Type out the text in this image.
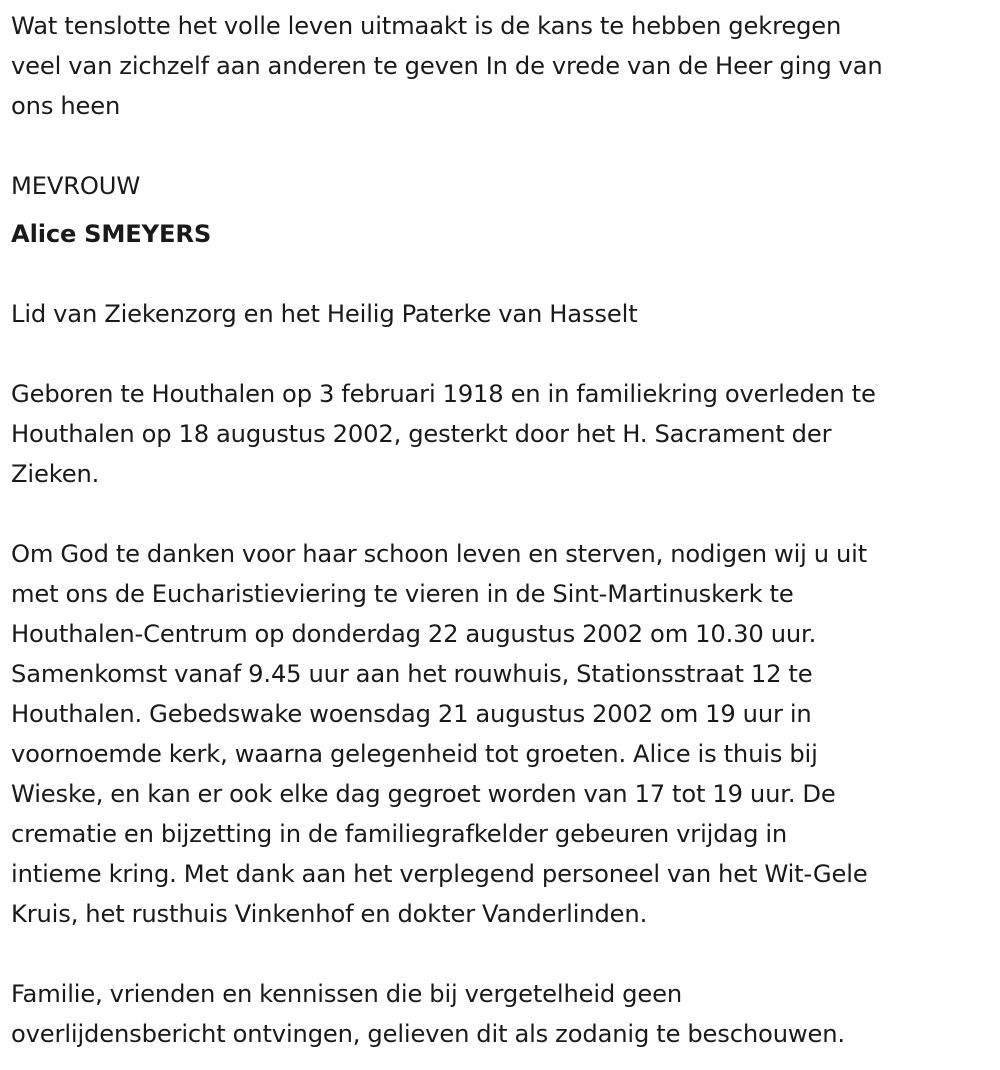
Wat tenslotte het volle leven uitmaakt is de kans te hebben gekregen

veel van zichzelf aan anderen te geven In de vrede van de Heer ging van

ons heen

MEVROUW

Alice SMEYERS

Lid van Ziekenzorg en het Heilig Paterke van Hasselt

Geboren te Houthalen op 3 februari 1918 en in familiekring overleden te

Houthalen op 18 augustus 2002, gesterkt door het H. Sacrament der

Zieken.

Om God te danken voor haar schoon leven en sterven, nodigen wij u uit

met ons de Eucharistieviering te vieren in de Sint-Martinuskerk te

Houthalen-Centrum op donderdag 22 augustus 2002 om 10.30 uur.

Samenkomst vanaf 9.45 uur aan het rouwhuis, Stationsstraat 12 te

Houthalen. Gebedswake woensdag 21 augustus 2002 om 19 uur in

voornoemde kerk, waarna gelegenheid tot groeten. Alice is thuis bij

Wieske, en kan er ook elke dag gegroet worden van 17 tot 19 uur. De

crematie en bijzetting in de familiegrafkelder gebeuren vrijdag in

intieme kring. Met dank aan het verplegend personeel van het Wit-Gele

Kruis, het rusthuis Vinkenhof en dokter Vanderlinden.

Familie, vrienden en kennissen die bij vergetelheid geen

overlijdensbericht ontvingen, gelieven dit als zodanig te beschouwen.
